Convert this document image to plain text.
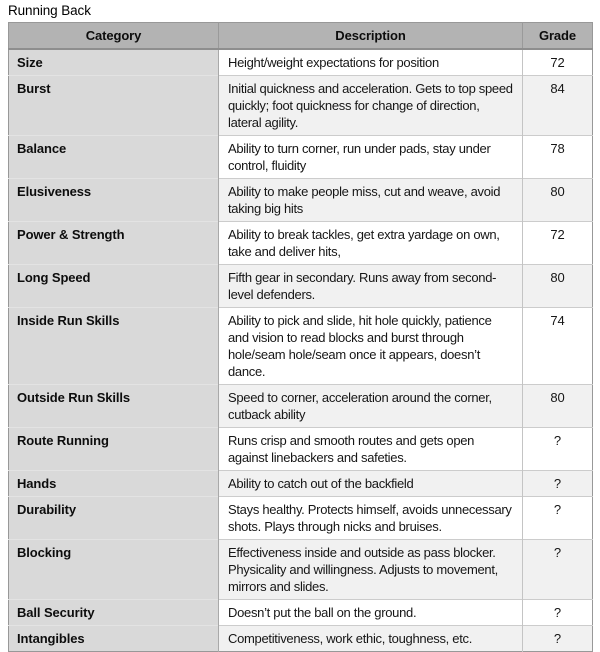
Running Back
Category	Description	Grade
Size	Height/weight expectations for position	72
Burst	Initial quickness and acceleration. Gets to top speed quickly; foot quickness for change of direction, lateral agility.	84
Balance	Ability to turn corner, run under pads, stay under control, fluidity	78
Elusiveness	Ability to make people miss, cut and weave, avoid taking big hits	80
Power & Strength	Ability to break tackles, get extra yardage on own, take and deliver hits,	72
Long Speed	Fifth gear in secondary. Runs away from second-level defenders.	80
Inside Run Skills	Ability to pick and slide, hit hole quickly, patience and vision to read blocks and burst through hole/seam hole/seam once it appears, doesn’t dance.	74
Outside Run Skills	Speed to corner, acceleration around the corner, cutback ability	80
Route Running	Runs crisp and smooth routes and gets open against linebackers and safeties.	?
Hands	Ability to catch out of the backfield	?
Durability	Stays healthy. Protects himself, avoids unnecessary shots. Plays through nicks and bruises.	?
Blocking	Effectiveness inside and outside as pass blocker. Physicality and willingness. Adjusts to movement, mirrors and slides.	?
Ball Security	Doesn’t put the ball on the ground.	?
Intangibles	Competitiveness, work ethic, toughness, etc.	?
